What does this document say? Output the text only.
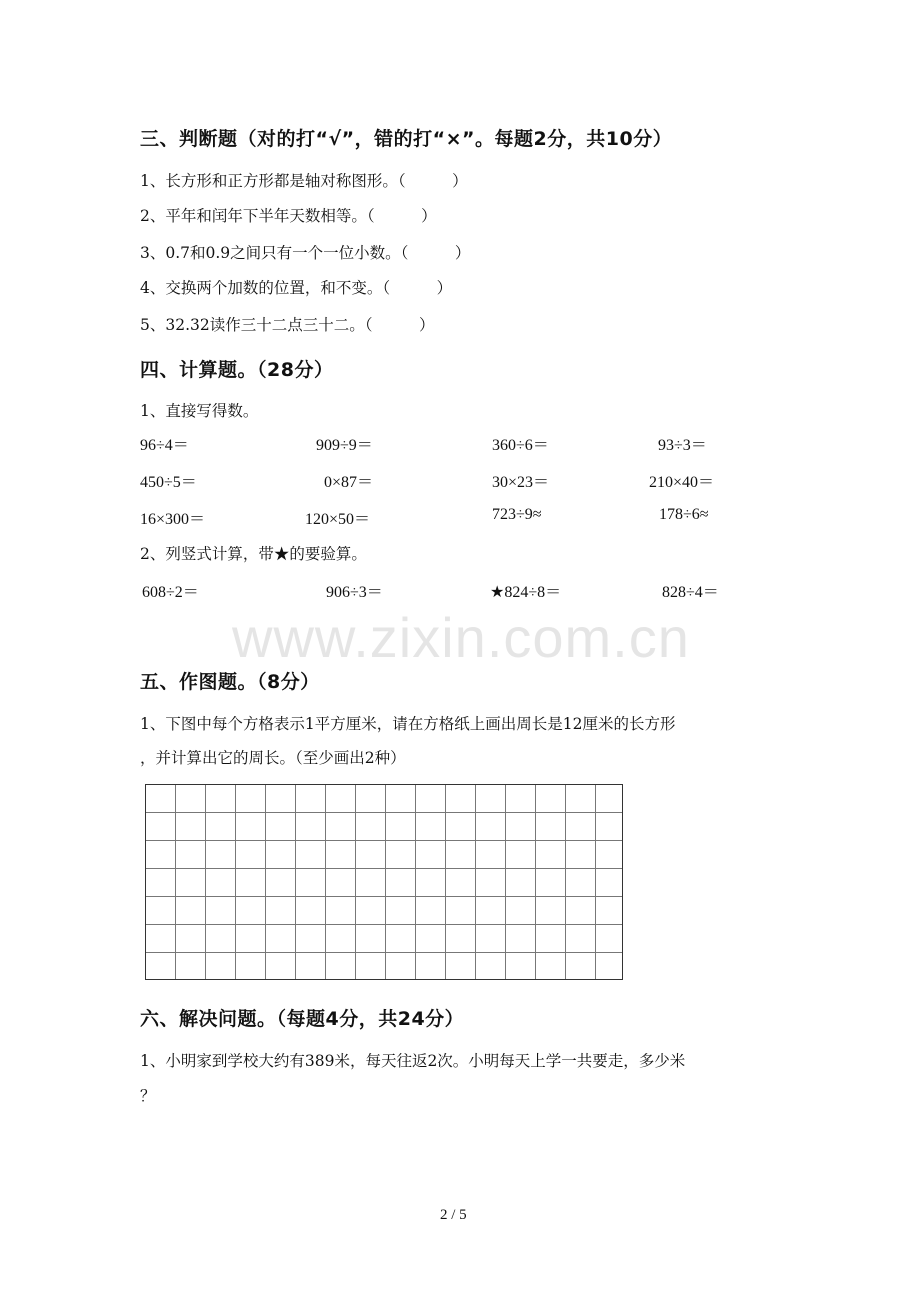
三、判断题（对的打“√”，错的打“×”。每题2分，共10分）
1、长方形和正方形都是轴对称图形。（　　　）
2、平年和闰年下半年天数相等。（　　　）
3、0.7和0.9之间只有一个一位小数。（　　　）
4、交换两个加数的位置，和不变。（　　　）
5、32.32读作三十二点三十二。（　　　）
四、计算题。（28分）
1、直接写得数。
96÷4＝	909÷9＝	360÷6＝	93÷3＝
450÷5＝	0×87＝	30×23＝	210×40＝
16×300＝	120×50＝	723÷9≈	178÷6≈
2、列竖式计算，带★的要验算。
608÷2＝	906÷3＝	★824÷8＝	828÷4＝
www.zixin.com.cn
五、作图题。（8分）
1、下图中每个方格表示1平方厘米，请在方格纸上画出周长是12厘米的长方形
，并计算出它的周长。（至少画出2种）
六、解决问题。（每题4分，共24分）
1、小明家到学校大约有389米，每天往返2次。小明每天上学一共要走，多少米
？
2 / 5
